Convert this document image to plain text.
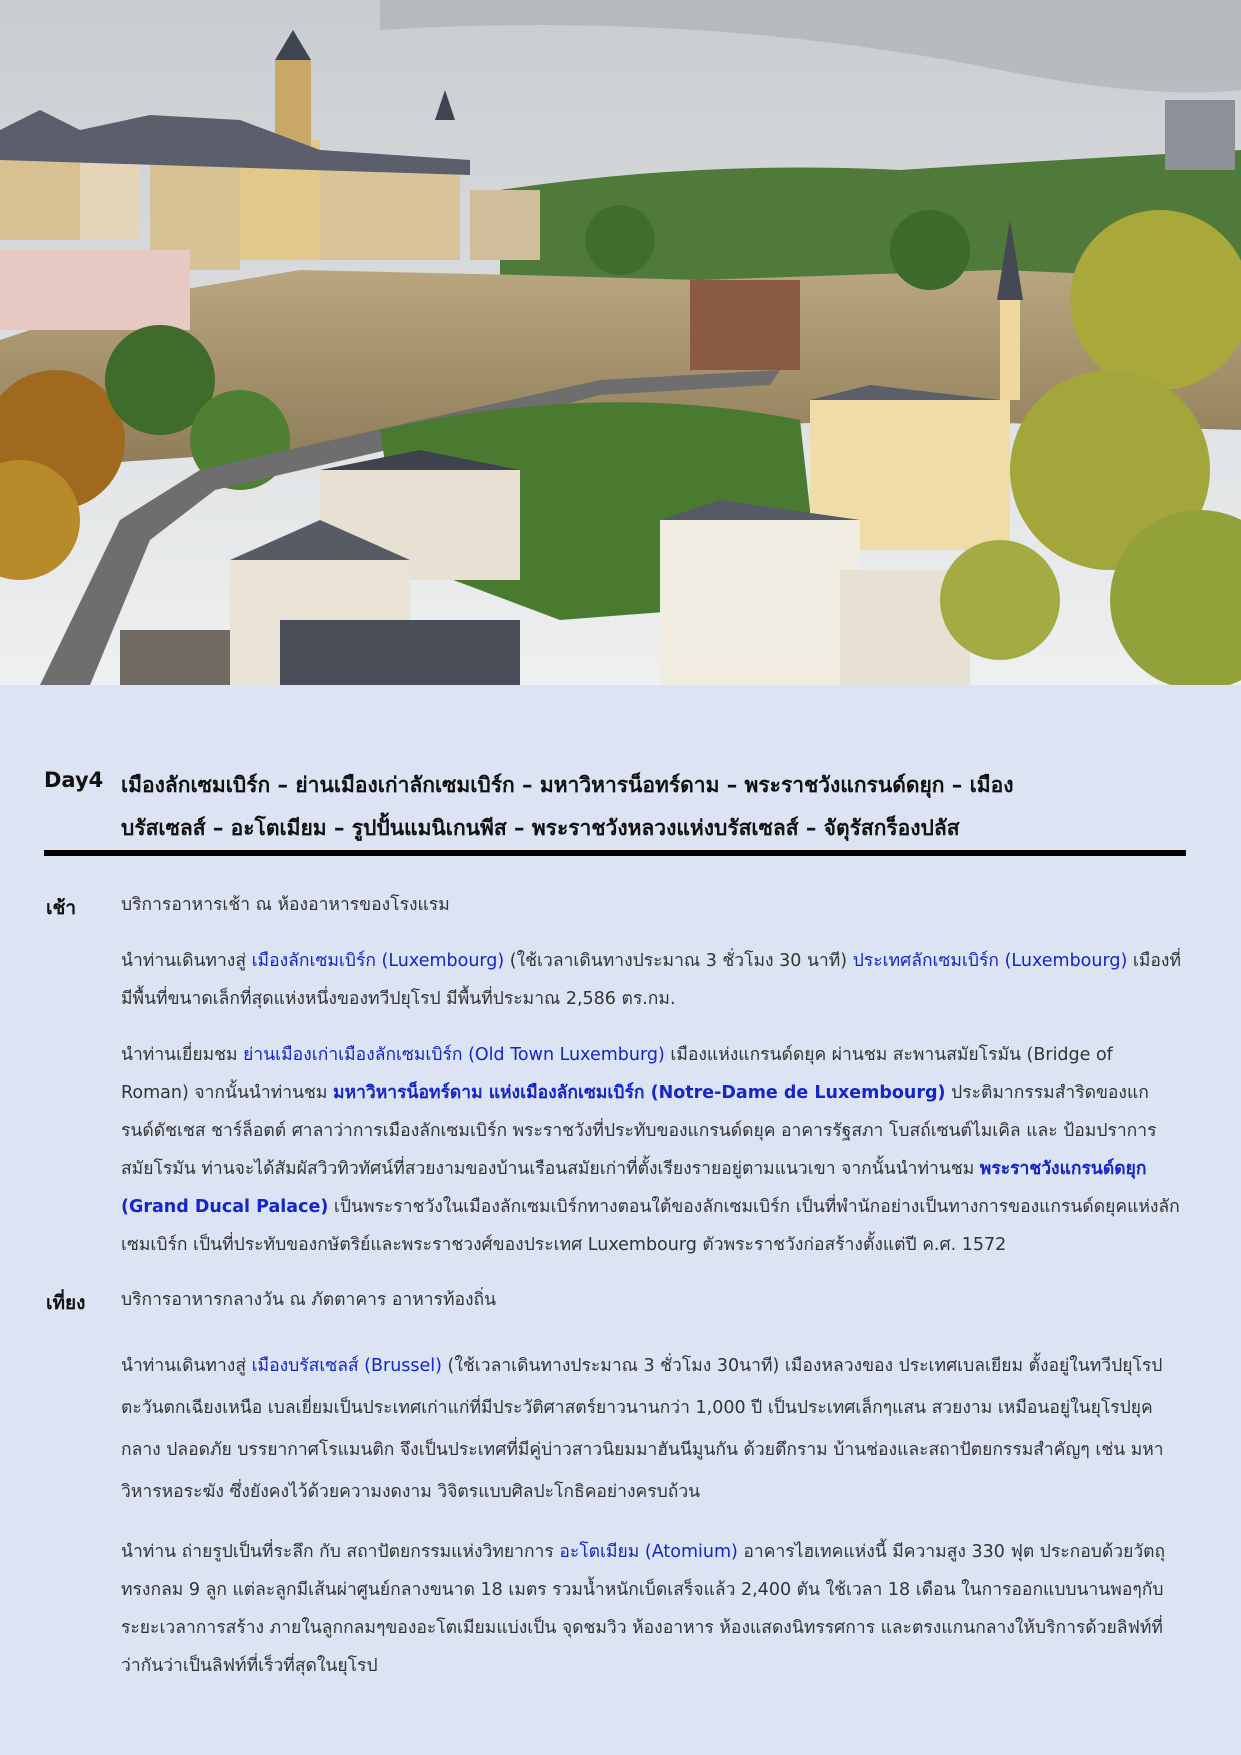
Day4 เมืองลักเซมเบิร์ก – ย่านเมืองเก่าลักเซมเบิร์ก – มหาวิหารน็อทร์ดาม – พระราชวังแกรนด์ดยุก – เมือง
บรัสเซลส์ – อะโตเมียม – รูปปั้นแมนิเกนพีส – พระราชวังหลวงแห่งบรัสเซลส์ – จัตุรัสกร็องปลัส
เช้า	บริการอาหารเช้า ณ ห้องอาหารของโรงแรม
นำท่านเดินทางสู่ เมืองลักเซมเบิร์ก (Luxembourg) (ใช้เวลาเดินทางประมาณ 3 ชั่วโมง 30 นาที) ประเทศลักเซมเบิร์ก (Luxembourg) เมืองที่มีพื้นที่ขนาดเล็กที่สุดแห่งหนึ่งของทวีปยุโรป มีพื้นที่ประมาณ 2,586 ตร.กม.
นำท่านเยี่ยมชม ย่านเมืองเก่าเมืองลักเซมเบิร์ก (Old Town Luxemburg) เมืองแห่งแกรนด์ดยุค ผ่านชม สะพานสมัยโรมัน (Bridge of Roman) จากนั้นนำท่านชม มหาวิหารน็อทร์ดาม แห่งเมืองลักเซมเบิร์ก (Notre-Dame de Luxembourg) ประติมากรรมสำริดของแกรนด์ดัชเชส ชาร์ล็อตต์ ศาลาว่าการเมืองลักเซมเบิร์ก พระราชวังที่ประทับของแกรนด์ดยุค อาคารรัฐสภา โบสถ์เซนต์ไมเคิล และ ป้อมปราการสมัยโรมัน ท่านจะได้สัมผัสวิวทิวทัศน์ที่สวยงามของบ้านเรือนสมัยเก่าที่ตั้งเรียงรายอยู่ตามแนวเขา จากนั้นนำท่านชม พระราชวังแกรนด์ดยุก (Grand Ducal Palace) เป็นพระราชวังในเมืองลักเซมเบิร์กทางตอนใต้ของลักเซมเบิร์ก เป็นที่พำนักอย่างเป็นทางการของแกรนด์ดยุคแห่งลักเซมเบิร์ก เป็นที่ประทับของกษัตริย์และพระราชวงศ์ของประเทศ Luxembourg ตัวพระราชวังก่อสร้างตั้งแต่ปี ค.ศ. 1572
เที่ยง บริการอาหารกลางวัน ณ ภัตตาคาร อาหารท้องถิ่น
นำท่านเดินทางสู่ เมืองบรัสเซลส์ (Brussel) (ใช้เวลาเดินทางประมาณ 3 ชั่วโมง 30นาที) เมืองหลวงของ ประเทศเบลเยียม ตั้งอยู่ในทวีปยุโรปตะวันตกเฉียงเหนือ เบลเยี่ยมเป็นประเทศเก่าแก่ที่มีประวัติศาสตร์ยาวนานกว่า 1,000 ปี เป็นประเทศเล็กๆแสน สวยงาม เหมือนอยู่ในยุโรปยุคกลาง ปลอดภัย บรรยากาศโรแมนติก จึงเป็นประเทศที่มีคู่บ่าวสาวนิยมมาฮันนีมูนกัน ด้วยตึกราม บ้านช่องและสถาปัตยกรรมสำคัญๆ เช่น มหาวิหารหอระฆัง ซึ่งยังคงไว้ด้วยความงดงาม วิจิตรแบบศิลปะโกธิคอย่างครบถ้วน
นำท่าน ถ่ายรูปเป็นที่ระลึก กับ สถาปัตยกรรมแห่งวิทยาการ อะโตเมียม (Atomium) อาคารไฮเทคแห่งนี้ มีความสูง 330 ฟุต ประกอบด้วยวัตถุทรงกลม 9 ลูก แต่ละลูกมีเส้นผ่าศูนย์กลางขนาด 18 เมตร รวมน้ำหนักเบ็ดเสร็จแล้ว 2,400 ตัน ใช้เวลา 18 เดือน ในการออกแบบนานพอๆกับระยะเวลาการสร้าง ภายในลูกกลมๆของอะโตเมียมแบ่งเป็น จุดชมวิว ห้องอาหาร ห้องแสดงนิทรรศการ และตรงแกนกลางให้บริการด้วยลิฟท์ที่ว่ากันว่าเป็นลิฟท์ที่เร็วที่สุดในยุโรป
